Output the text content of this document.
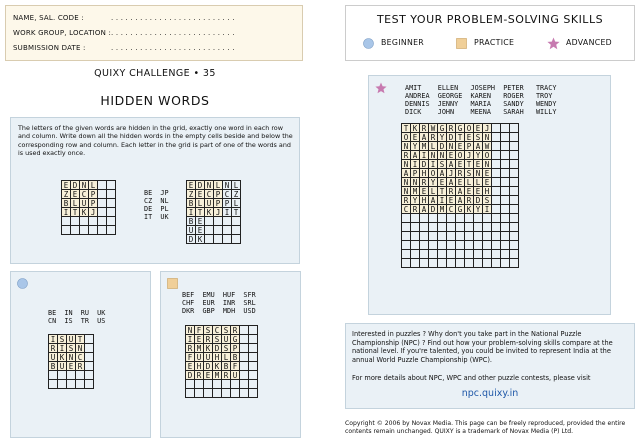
NAME, SAL. CODE :	. . . . . . . . . . . . . . . . . . . . . . . . . .
WORK GROUP, LOCATION : . . . . . . . . . . . . . . . . . . . . . . . . . .
SUBMISSION DATE :	. . . . . . . . . . . . . . . . . . . . . . . . . .
QUIXY CHALLENGE • 35
HIDDEN WORDS
The letters of the given words are hidden in the grid, exactly one word in each row and column. Write down all the hidden words in the empty cells beside and below the corresponding row and column. Each letter in the grid is part of one of the words and is used exactly once.
E	D	N	L		
Z	E	C	P		
B	L	U	P		
I	T	K	J		

BE  JP
CZ  NL
DE  PL
IT  UK
E	D	N	L	N	L
Z	E	C	P	C	Z
B	L	U	P	P	L
I	T	K	J	I	T
B	E				
U	E				
D	K				
BE  IN  RU  UK
CN  IS  TR  US
I	S	U	T	
R	I	S	N	
U	K	N	C	
B	U	E	R	

BEF  EMU  HUF  SFR
CHF  EUR  INR  SRL
DKR  GBP  MDH  USD
N	F	S	C	S	R		
I	E	R	S	U	G		
R	M	K	D	S	P		
F	U	U	H	L	B		
E	H	D	K	B	F		
D	R	E	M	R	U		

TEST YOUR PROBLEM-SOLVING SKILLS
BEGINNER	PRACTICE	ADVANCED
AMIT    ELLEN   JOSEPH  PETER   TRACY
ANDREA  GEORGE  KAREN   ROGER   TROY
DENNIS  JENNY   MARIA   SANDY   WENDY
DICK    JOHN    MEENA   SARAH   WILLY
T	K	R	W	G	R	G	O	E	J			
O	E	A	R	Y	D	T	E	S	N			
N	Y	M	L	D	N	E	P	A	W			
R	A	I	N	N	E	O	J	Y	O			
N	I	D	I	S	A	E	T	E	N			
A	P	H	O	A	J	R	S	N	E			
N	N	R	Y	E	A	E	L	L	E			
N	M	E	L	T	R	A	E	E	H			
R	Y	H	A	I	E	A	R	D	S			
C	R	A	D	M	C	G	K	Y	I			

Interested in puzzles ? Why don't you take part in the National Puzzle Championship (NPC) ? Find out how your problem-solving skills compare at the national level. If you're talented, you could be invited to represent India at the annual World Puzzle Championship (WPC).
For more details about NPC, WPC and other puzzle contests, please visit
npc.quixy.in
Copyright © 2006 by Novax Media. This page can be freely reproduced, provided the entire contents remain unchanged. QUIXY is a trademark of Novax Media (P) Ltd.
